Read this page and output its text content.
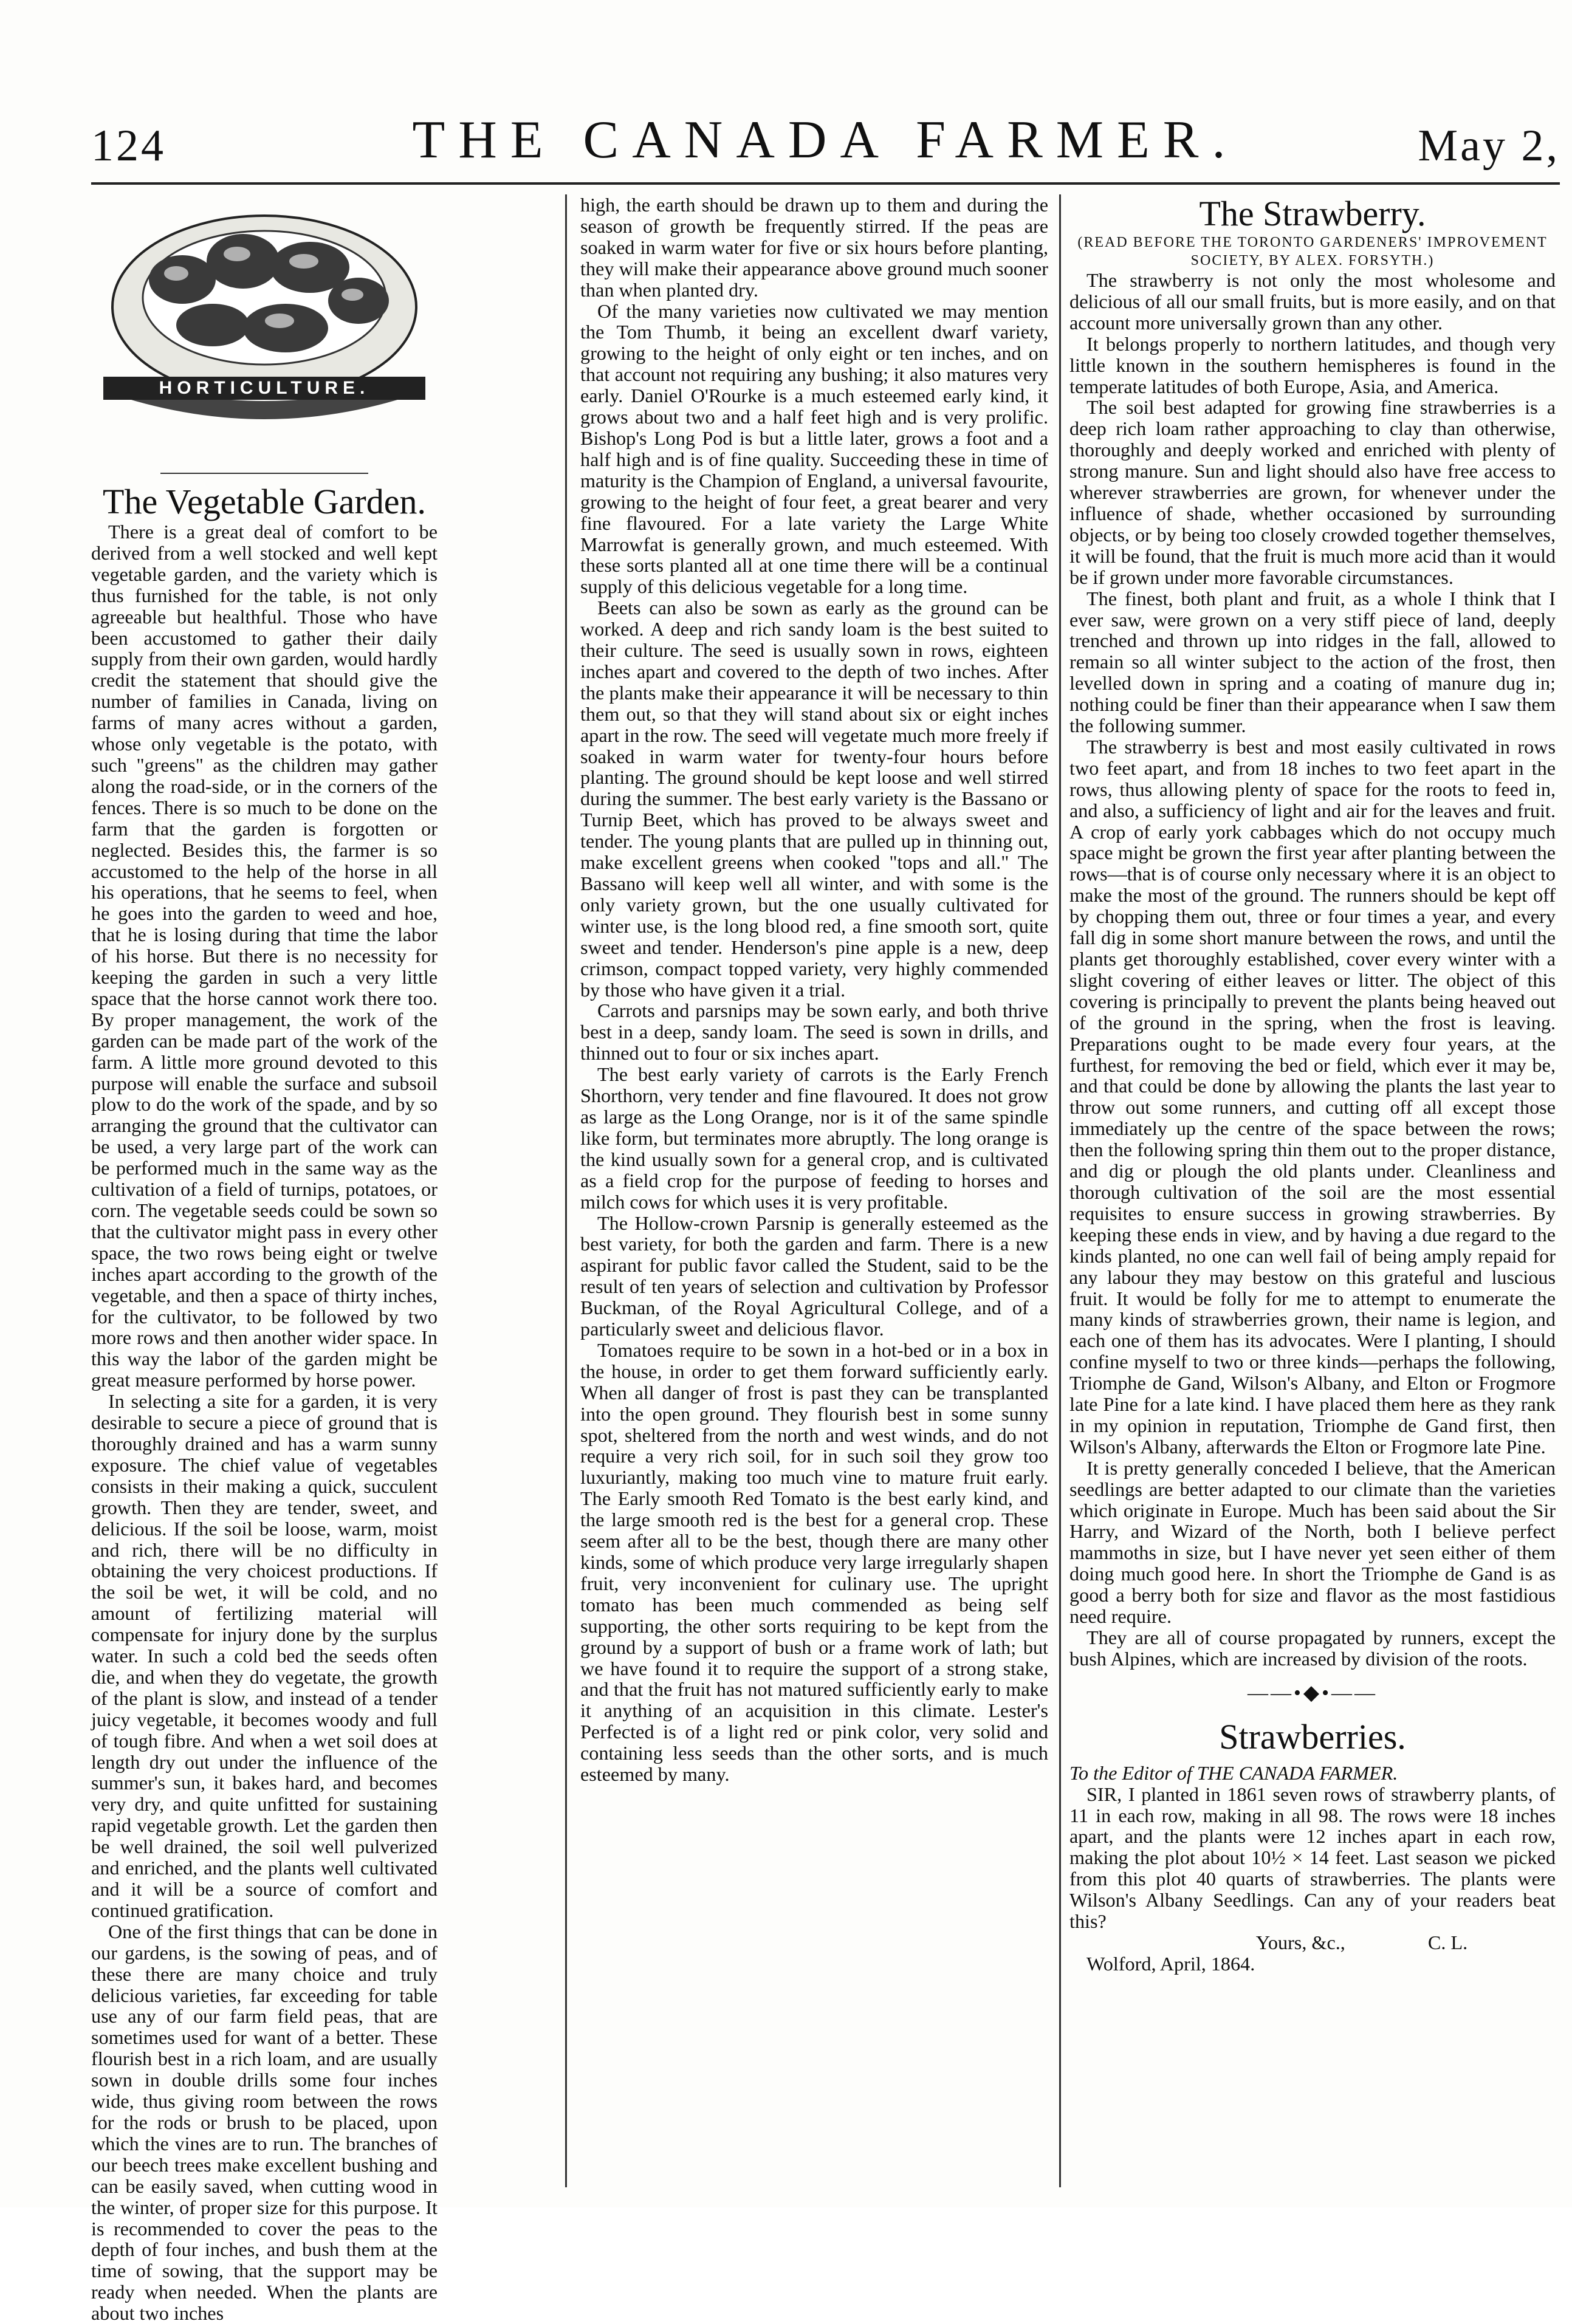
124	THE CANADA FARMER.	May 2,
HORTICULTURE.

The Vegetable Garden.

There is a great deal of comfort to be derived from a well stocked and well kept vegetable garden, and the variety which is thus furnished for the table, is not only agreeable but healthful. Those who have been accustomed to gather their daily supply from their own garden, would hardly credit the statement that should give the number of families in Canada, living on farms of many acres without a garden, whose only vegetable is the potato, with such "greens" as the children may gather along the road-side, or in the corners of the fences. There is so much to be done on the farm that the garden is forgotten or neglected. Besides this, the farmer is so accustomed to the help of the horse in all his operations, that he seems to feel, when he goes into the garden to weed and hoe, that he is losing during that time the labor of his horse. But there is no necessity for keeping the garden in such a very little space that the horse cannot work there too. By proper management, the work of the garden can be made part of the work of the farm. A little more ground devoted to this purpose will enable the surface and subsoil plow to do the work of the spade, and by so arranging the ground that the cultivator can be used, a very large part of the work can be performed much in the same way as the cultivation of a field of turnips, potatoes, or corn. The vegetable seeds could be sown so that the cultivator might pass in every other space, the two rows being eight or twelve inches apart according to the growth of the vegetable, and then a space of thirty inches, for the cultivator, to be followed by two more rows and then another wider space. In this way the labor of the garden might be great measure performed by horse power.

In selecting a site for a garden, it is very desirable to secure a piece of ground that is thoroughly drained and has a warm sunny exposure. The chief value of vegetables consists in their making a quick, succulent growth. Then they are tender, sweet, and delicious. If the soil be loose, warm, moist and rich, there will be no difficulty in obtaining the very choicest productions. If the soil be wet, it will be cold, and no amount of fertilizing material will compensate for injury done by the surplus water. In such a cold bed the seeds often die, and when they do vegetate, the growth of the plant is slow, and instead of a tender juicy vegetable, it becomes woody and full of tough fibre. And when a wet soil does at length dry out under the influence of the summer's sun, it bakes hard, and becomes very dry, and quite unfitted for sustaining rapid vegetable growth. Let the garden then be well drained, the soil well pulverized and enriched, and the plants well cultivated and it will be a source of comfort and continued gratification.

One of the first things that can be done in our gardens, is the sowing of peas, and of these there are many choice and truly delicious varieties, far exceeding for table use any of our farm field peas, that are sometimes used for want of a better. These flourish best in a rich loam, and are usually sown in double drills some four inches wide, thus giving room between the rows for the rods or brush to be placed, upon which the vines are to run. The branches of our beech trees make excellent bushing and can be easily saved, when cutting wood in the winter, of proper size for this purpose. It is recommended to cover the peas to the depth of four inches, and bush them at the time of sowing, that the support may be ready when needed. When the plants are about two inches

high, the earth should be drawn up to them and during the season of growth be frequently stirred. If the peas are soaked in warm water for five or six hours before planting, they will make their appearance above ground much sooner than when planted dry.

Of the many varieties now cultivated we may mention the Tom Thumb, it being an excellent dwarf variety, growing to the height of only eight or ten inches, and on that account not requiring any bushing; it also matures very early. Daniel O'Rourke is a much esteemed early kind, it grows about two and a half feet high and is very prolific. Bishop's Long Pod is but a little later, grows a foot and a half high and is of fine quality. Succeeding these in time of maturity is the Champion of England, a universal favourite, growing to the height of four feet, a great bearer and very fine flavoured. For a late variety the Large White Marrowfat is generally grown, and much esteemed. With these sorts planted all at one time there will be a continual supply of this delicious vegetable for a long time.

Beets can also be sown as early as the ground can be worked. A deep and rich sandy loam is the best suited to their culture. The seed is usually sown in rows, eighteen inches apart and covered to the depth of two inches. After the plants make their appearance it will be necessary to thin them out, so that they will stand about six or eight inches apart in the row. The seed will vegetate much more freely if soaked in warm water for twenty-four hours before planting. The ground should be kept loose and well stirred during the summer. The best early variety is the Bassano or Turnip Beet, which has proved to be always sweet and tender. The young plants that are pulled up in thinning out, make excellent greens when cooked "tops and all." The Bassano will keep well all winter, and with some is the only variety grown, but the one usually cultivated for winter use, is the long blood red, a fine smooth sort, quite sweet and tender. Henderson's pine apple is a new, deep crimson, compact topped variety, very highly commended by those who have given it a trial.

Carrots and parsnips may be sown early, and both thrive best in a deep, sandy loam. The seed is sown in drills, and thinned out to four or six inches apart.

The best early variety of carrots is the Early French Shorthorn, very tender and fine flavoured. It does not grow as large as the Long Orange, nor is it of the same spindle like form, but terminates more abruptly. The long orange is the kind usually sown for a general crop, and is cultivated as a field crop for the purpose of feeding to horses and milch cows for which uses it is very profitable.

The Hollow-crown Parsnip is generally esteemed as the best variety, for both the garden and farm. There is a new aspirant for public favor called the Student, said to be the result of ten years of selection and cultivation by Professor Buckman, of the Royal Agricultural College, and of a particularly sweet and delicious flavor.

Tomatoes require to be sown in a hot-bed or in a box in the house, in order to get them forward sufficiently early. When all danger of frost is past they can be transplanted into the open ground. They flourish best in some sunny spot, sheltered from the north and west winds, and do not require a very rich soil, for in such soil they grow too luxuriantly, making too much vine to mature fruit early. The Early smooth Red Tomato is the best early kind, and the large smooth red is the best for a general crop. These seem after all to be the best, though there are many other kinds, some of which produce very large irregularly shapen fruit, very inconvenient for culinary use. The upright tomato has been much commended as being self supporting, the other sorts requiring to be kept from the ground by a support of bush or a frame work of lath; but we have found it to require the support of a strong stake, and that the fruit has not matured sufficiently early to make it anything of an acquisition in this climate. Lester's Perfected is of a light red or pink color, very solid and containing less seeds than the other sorts, and is much esteemed by many.

The Strawberry.

(READ BEFORE THE TORONTO GARDENERS' IMPROVEMENT SOCIETY, BY ALEX. FORSYTH.)

The strawberry is not only the most wholesome and delicious of all our small fruits, but is more easily, and on that account more universally grown than any other.

It belongs properly to northern latitudes, and though very little known in the southern hemispheres is found in the temperate latitudes of both Europe, Asia, and America.

The soil best adapted for growing fine strawberries is a deep rich loam rather approaching to clay than otherwise, thoroughly and deeply worked and enriched with plenty of strong manure. Sun and light should also have free access to wherever strawberries are grown, for whenever under the influence of shade, whether occasioned by surrounding objects, or by being too closely crowded together themselves, it will be found, that the fruit is much more acid than it would be if grown under more favorable circumstances.

The finest, both plant and fruit, as a whole I think that I ever saw, were grown on a very stiff piece of land, deeply trenched and thrown up into ridges in the fall, allowed to remain so all winter subject to the action of the frost, then levelled down in spring and a coating of manure dug in; nothing could be finer than their appearance when I saw them the following summer.

The strawberry is best and most easily cultivated in rows two feet apart, and from 18 inches to two feet apart in the rows, thus allowing plenty of space for the roots to feed in, and also, a sufficiency of light and air for the leaves and fruit. A crop of early york cabbages which do not occupy much space might be grown the first year after planting between the rows—that is of course only necessary where it is an object to make the most of the ground. The runners should be kept off by chopping them out, three or four times a year, and every fall dig in some short manure between the rows, and until the plants get thoroughly established, cover every winter with a slight covering of either leaves or litter. The object of this covering is principally to prevent the plants being heaved out of the ground in the spring, when the frost is leaving. Preparations ought to be made every four years, at the furthest, for removing the bed or field, which ever it may be, and that could be done by allowing the plants the last year to throw out some runners, and cutting off all except those immediately up the centre of the space between the rows; then the following spring thin them out to the proper distance, and dig or plough the old plants under. Cleanliness and thorough cultivation of the soil are the most essential requisites to ensure success in growing strawberries. By keeping these ends in view, and by having a due regard to the kinds planted, no one can well fail of being amply repaid for any labour they may bestow on this grateful and luscious fruit. It would be folly for me to attempt to enumerate the many kinds of strawberries grown, their name is legion, and each one of them has its advocates. Were I planting, I should confine myself to two or three kinds—perhaps the following, Triomphe de Gand, Wilson's Albany, and Elton or Frogmore late Pine for a late kind. I have placed them here as they rank in my opinion in reputation, Triomphe de Gand first, then Wilson's Albany, afterwards the Elton or Frogmore late Pine.

It is pretty generally conceded I believe, that the American seedlings are better adapted to our climate than the varieties which originate in Europe. Much has been said about the Sir Harry, and Wizard of the North, both I believe perfect mammoths in size, but I have never yet seen either of them doing much good here. In short the Triomphe de Gand is as good a berry both for size and flavor as the most fastidious need require.

They are all of course propagated by runners, except the bush Alpines, which are increased by division of the roots.

——•◆•——

Strawberries.

To the Editor of THE CANADA FARMER.

SIR, I planted in 1861 seven rows of strawberry plants, of 11 in each row, making in all 98. The rows were 18 inches apart, and the plants were 12 inches apart in each row, making the plot about 10½ × 14 feet. Last season we picked from this plot 40 quarts of strawberries. The plants were Wilson's Albany Seedlings. Can any of your readers beat this?

Yours, &c.,	C. L.

Wolford, April, 1864.
